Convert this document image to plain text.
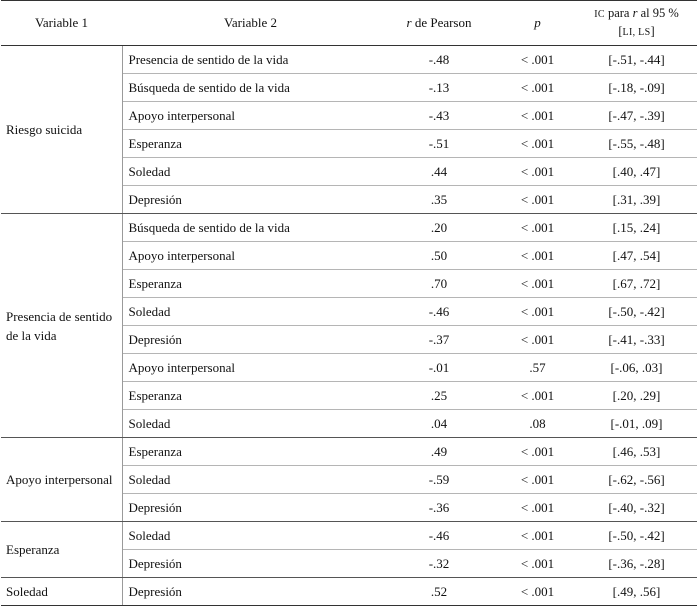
Variable 1	Variable 2	r de Pearson	p	IC para r al 95 %
[LI, LS]
Riesgo suicida	Presencia de sentido de la vida	-.48	< .001	[-.51, -.44]
	Búsqueda de sentido de la vida	-.13	< .001	[-.18, -.09]
	Apoyo interpersonal	-.43	< .001	[-.47, -.39]
	Esperanza	-.51	< .001	[-.55, -.48]
	Soledad	.44	< .001	[.40, .47]
	Depresión	.35	< .001	[.31, .39]
Presencia de sentido de la vida	Búsqueda de sentido de la vida	.20	< .001	[.15, .24]
	Apoyo interpersonal	.50	< .001	[.47, .54]
	Esperanza	.70	< .001	[.67, .72]
	Soledad	-.46	< .001	[-.50, -.42]
	Depresión	-.37	< .001	[-.41, -.33]
	Apoyo interpersonal	-.01	.57	[-.06, .03]
	Esperanza	.25	< .001	[.20, .29]
	Soledad	.04	.08	[-.01, .09]
Apoyo interpersonal	Esperanza	.49	< .001	[.46, .53]
	Soledad	-.59	< .001	[-.62, -.56]
	Depresión	-.36	< .001	[-.40, -.32]
Esperanza	Soledad	-.46	< .001	[-.50, -.42]
	Depresión	-.32	< .001	[-.36, -.28]
Soledad	Depresión	.52	< .001	[.49, .56]
